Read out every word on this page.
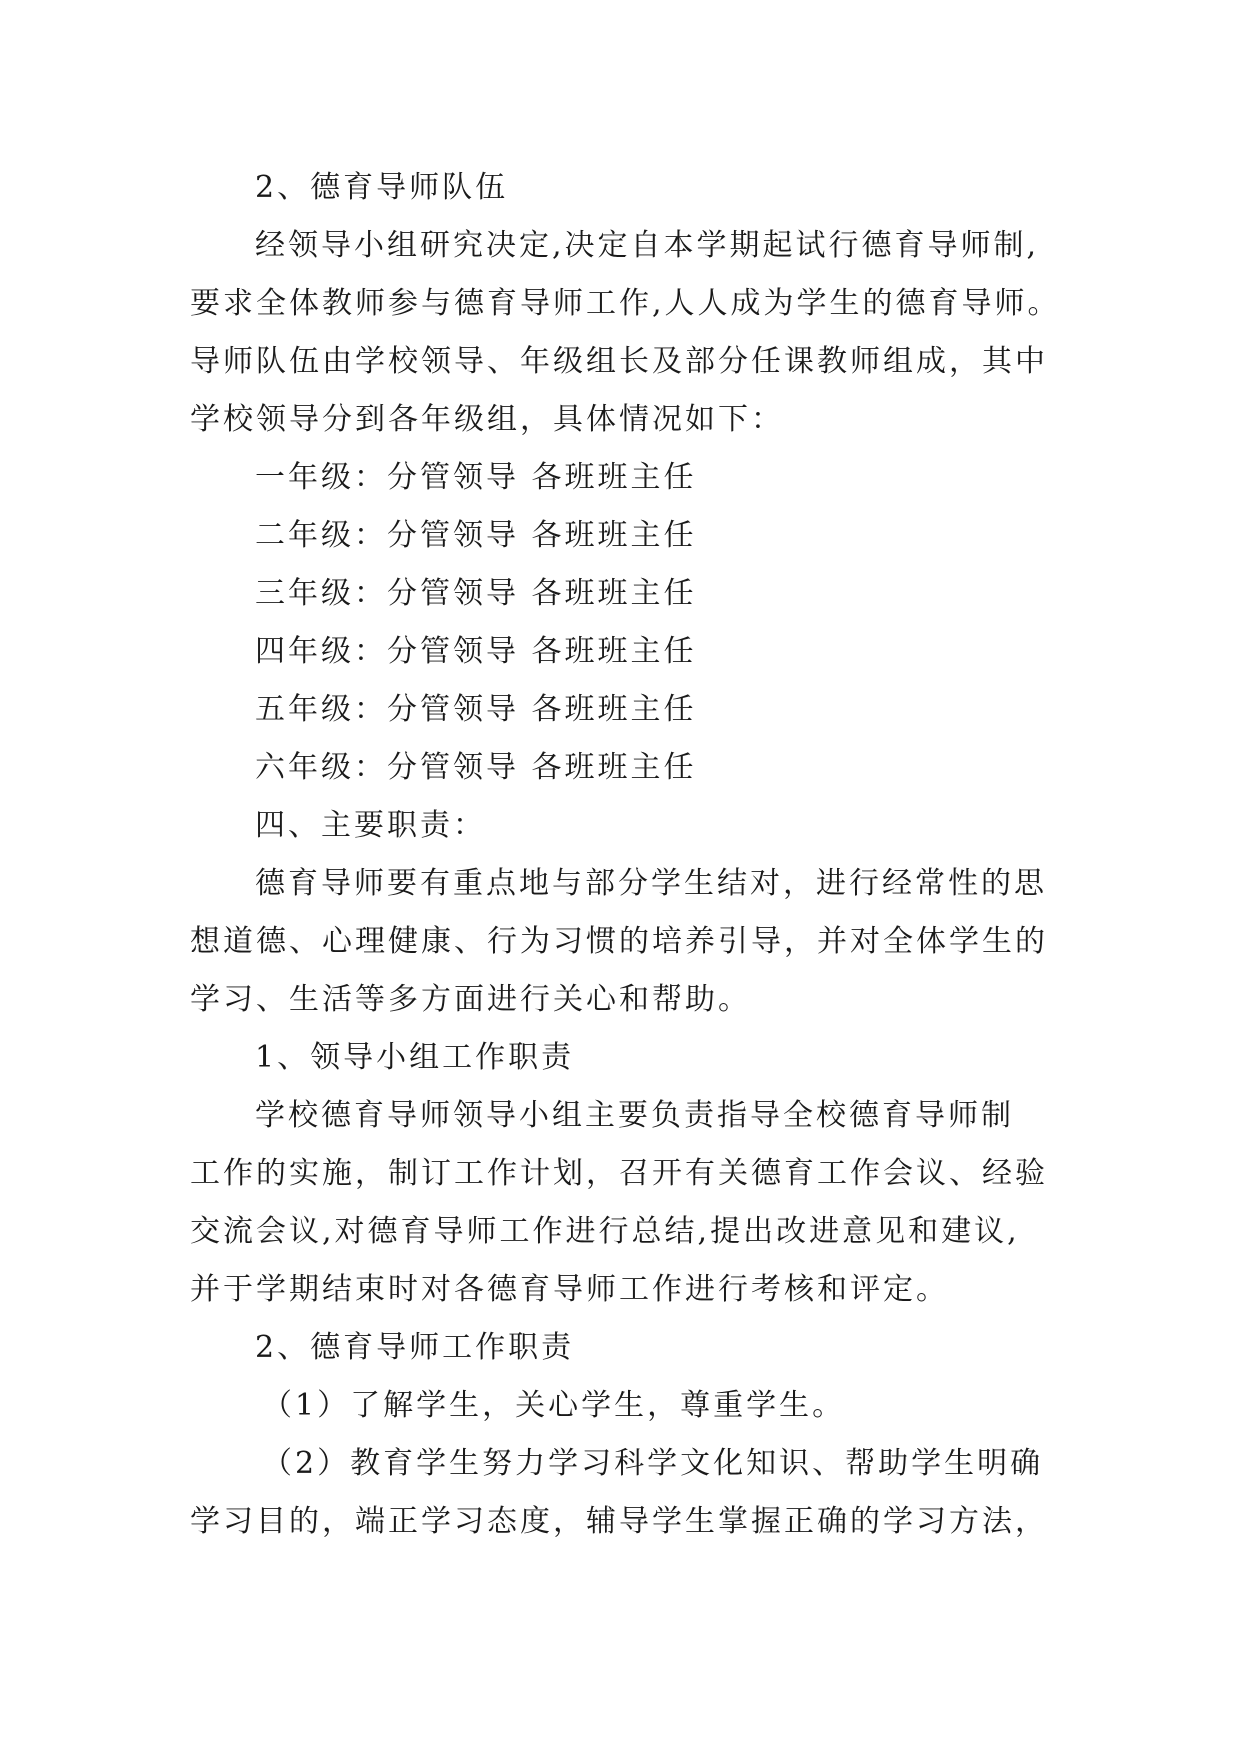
2、德育导师队伍
经领导小组研究决定,决定自本学期起试行德育导师制,
要求全体教师参与德育导师工作,人人成为学生的德育导师。
导师队伍由学校领导、年级组长及部分任课教师组成，其中
学校领导分到各年级组，具体情况如下：
一年级：分管领导 各班班主任
二年级：分管领导 各班班主任
三年级：分管领导 各班班主任
四年级：分管领导 各班班主任
五年级：分管领导 各班班主任
六年级：分管领导 各班班主任
四、主要职责：
德育导师要有重点地与部分学生结对，进行经常性的思
想道德、心理健康、行为习惯的培养引导，并对全体学生的
学习、生活等多方面进行关心和帮助。
1、领导小组工作职责
学校德育导师领导小组主要负责指导全校德育导师制
工作的实施，制订工作计划，召开有关德育工作会议、经验
交流会议,对德育导师工作进行总结,提出改进意见和建议,
并于学期结束时对各德育导师工作进行考核和评定。
2、德育导师工作职责
（1）了解学生，关心学生，尊重学生。
（2）教育学生努力学习科学文化知识、帮助学生明确
学习目的，端正学习态度，辅导学生掌握正确的学习方法，
